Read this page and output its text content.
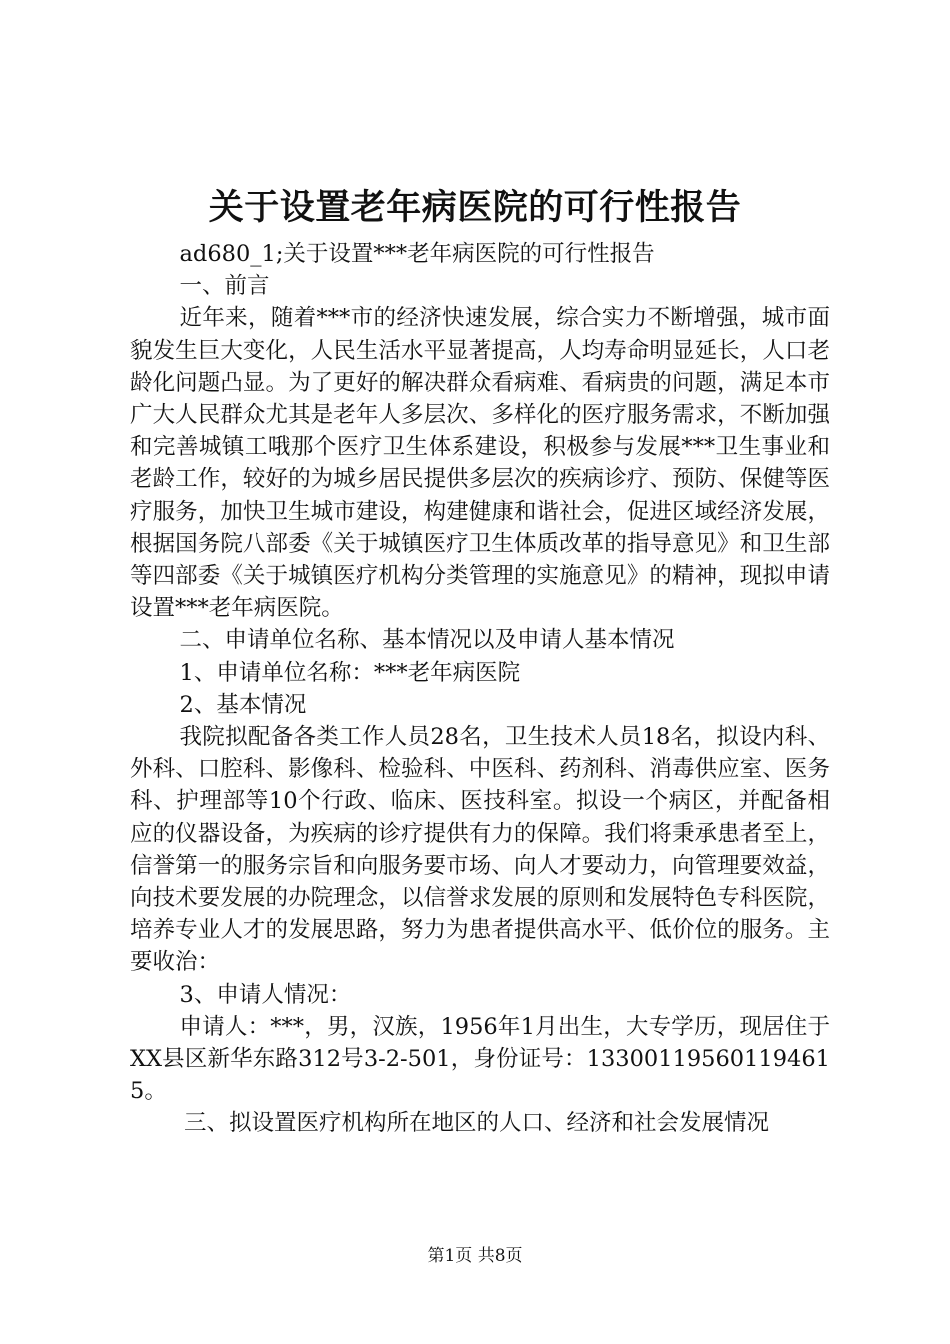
关于设置老年病医院的可行性报告

ad680_1;关于设置***老年病医院的可行性报告

一、前言

近年来，随着***市的经济快速发展，综合实力不断增强，城市面貌发生巨大变化，人民生活水平显著提高，人均寿命明显延长，人口老龄化问题凸显。为了更好的解决群众看病难、看病贵的问题，满足本市广大人民群众尤其是老年人多层次、多样化的医疗服务需求，不断加强和完善城镇工哦那个医疗卫生体系建设，积极参与发展***卫生事业和老龄工作，较好的为城乡居民提供多层次的疾病诊疗、预防、保健等医疗服务，加快卫生城市建设，构建健康和谐社会，促进区域经济发展，根据国务院八部委《关于城镇医疗卫生体质改革的指导意见》和卫生部等四部委《关于城镇医疗机构分类管理的实施意见》的精神，现拟申请设置***老年病医院。

二、申请单位名称、基本情况以及申请人基本情况

1、申请单位名称：***老年病医院

2、基本情况

我院拟配备各类工作人员28名，卫生技术人员18名，拟设内科、外科、口腔科、影像科、检验科、中医科、药剂科、消毒供应室、医务科、护理部等10个行政、临床、医技科室。拟设一个病区，并配备相应的仪器设备，为疾病的诊疗提供有力的保障。我们将秉承患者至上，信誉第一的服务宗旨和向服务要市场、向人才要动力，向管理要效益，向技术要发展的办院理念，以信誉求发展的原则和发展特色专科医院，培养专业人才的发展思路，努力为患者提供高水平、低价位的服务。主要收治：

3、申请人情况：

申请人：***，男，汉族，1956年1月出生，大专学历，现居住于XX县区新华东路312号3-2-501，身份证号：13300119560119461​5。

三、拟设置医疗机构所在地区的人口、经济和社会发展情况

第1页 共8页
